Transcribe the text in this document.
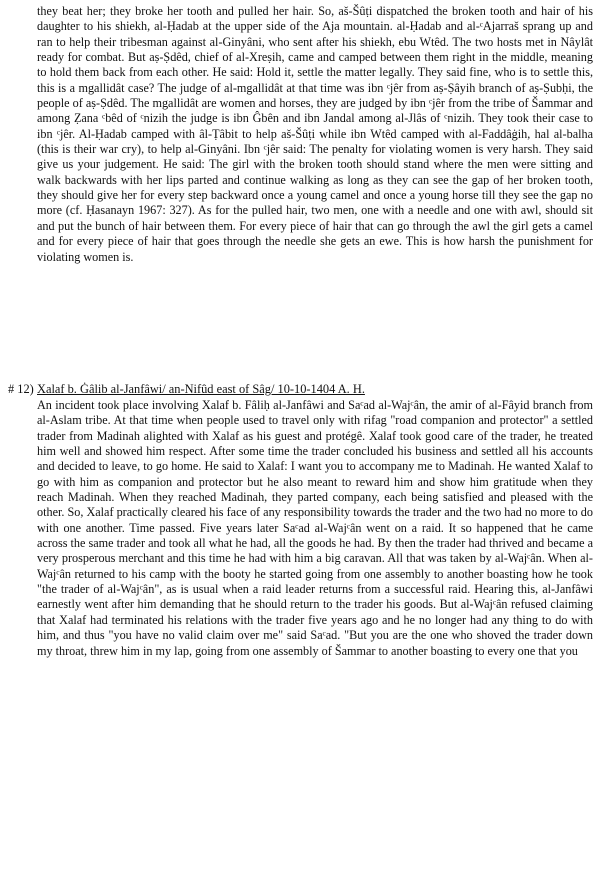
they beat her; they broke her tooth and pulled her hair. So, aš-Šûṭi dispatched the broken tooth and hair of his daughter to his shiekh, al-Ḥadab at the upper side of the Aja mountain. al-Ḥadab and al-ᶜAjarraš sprang up and ran to help their tribesman against al-Ginyâni, who sent after his shiekh, ebu Wtêd. The two hosts met in Nâylât ready for combat. But aṣ-Ṣdêd, chief of al-Xreṣih, came and camped between them right in the middle, meaning to hold them back from each other. He said: Hold it, settle the matter legally. They said fine, who is to settle this, this is a mgallidât case? The judge of al-mgallidât at that time was ibn ᶜjêr from aṣ-Ṣâyih branch of aṣ-Ṣubḥi, the people of aṣ-Ṣdêd. The mgallidât are women and horses, they are judged by ibn ᶜjêr from the tribe of Šammar and among Ẓana ᶜbêd of ᶜnizih the judge is ibn Ĝbên and ibn Jandal among al-Jlâs of ᶜnizih. They took their case to ibn ᶜjêr. Al-Ḥadab camped with âl-Ṭâbit to help aš-Šûṭi while ibn Wtêd camped with al-Faddâġih, hal al-balha (this is their war cry), to help al-Ginyâni. Ibn ᶜjêr said: The penalty for violating women is very harsh. They said give us your judgement. He said: The girl with the broken tooth should stand where the men were sitting and walk backwards with her lips parted and continue walking as long as they can see the gap of her broken tooth, they should give her for every step backward once a young camel and once a young horse till they see the gap no more (cf. Ḥasanayn 1967: 327). As for the pulled hair, two men, one with a needle and one with awl, should sit and put the bunch of hair between them. For every piece of hair that can go through the awl the girl gets a camel and for every piece of hair that goes through the needle she gets an ewe. This is how harsh the punishment for violating women is.

# 12) Xalaf b. Ġâlib al-Janfâwi/ an-Nifûd east of Sâg/ 10-10-1404 A. H.

An incident took place involving Xalaf b. Fâliḥ al-Janfâwi and Saᶜad al-Wajᶜân, the amir of al-Fâyid branch from al-Aslam tribe. At that time when people used to travel only with rifag "road companion and protector" a settled trader from Madinah alighted with Xalaf as his guest and protégê. Xalaf took good care of the trader, he treated him well and showed him respect. After some time the trader concluded his business and settled all his accounts and decided to leave, to go home. He said to Xalaf: I want you to accompany me to Madinah. He wanted Xalaf to go with him as companion and protector but he also meant to reward him and show him gratitude when they reach Madinah. When they reached Madinah, they parted company, each being satisfied and pleased with the other. So, Xalaf practically cleared his face of any responsibility towards the trader and the two had no more to do with one another. Time passed. Five years later Saᶜad al-Wajᶜân went on a raid. It so happened that he came across the same trader and took all what he had, all the goods he had. By then the trader had thrived and became a very prosperous merchant and this time he had with him a big caravan. All that was taken by al-Wajᶜân. When al-Wajᶜân returned to his camp with the booty he started going from one assembly to another boasting how he took "the trader of al-Wajᶜân", as is usual when a raid leader returns from a successful raid. Hearing this, al-Janfâwi earnestly went after him demanding that he should return to the trader his goods. But al-Wajᶜân refused claiming that Xalaf had terminated his relations with the trader five years ago and he no longer had any thing to do with him, and thus "you have no valid claim over me" said Saᶜad. "But you are the one who shoved the trader down my throat, threw him in my lap, going from one assembly of Šammar to another boasting to every one that you
